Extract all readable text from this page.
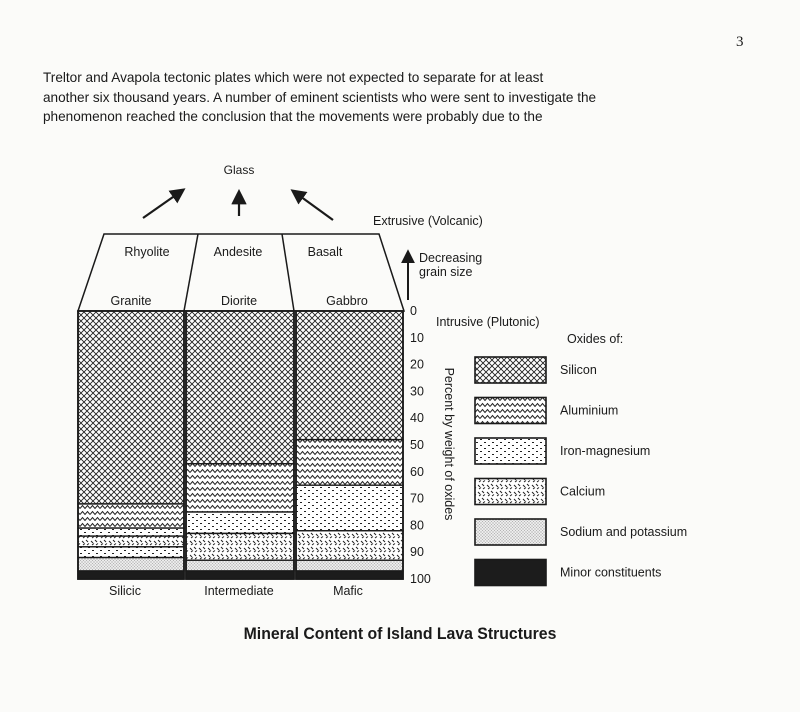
3

Treltor and Avapola tectonic plates which were not expected to separate for at least
another six thousand years. A number of eminent scientists who were sent to investigate the
phenomenon reached the conclusion that the movements were probably due to the

Glass
Extrusive (Volcanic)
Decreasing
grain size
Rhyolite	Andesite	Basalt
Granite	Diorite	Gabbro
Intrusive (Plutonic)
0
10
20
30
40
50
60
70
80
90
100
Percent by weight of oxides
Oxides of:
Silicon
Aluminium
Iron-magnesium
Calcium
Sodium and potassium
Minor constituents
Silicic	Intermediate	Mafic
Mineral Content of Island Lava Structures
